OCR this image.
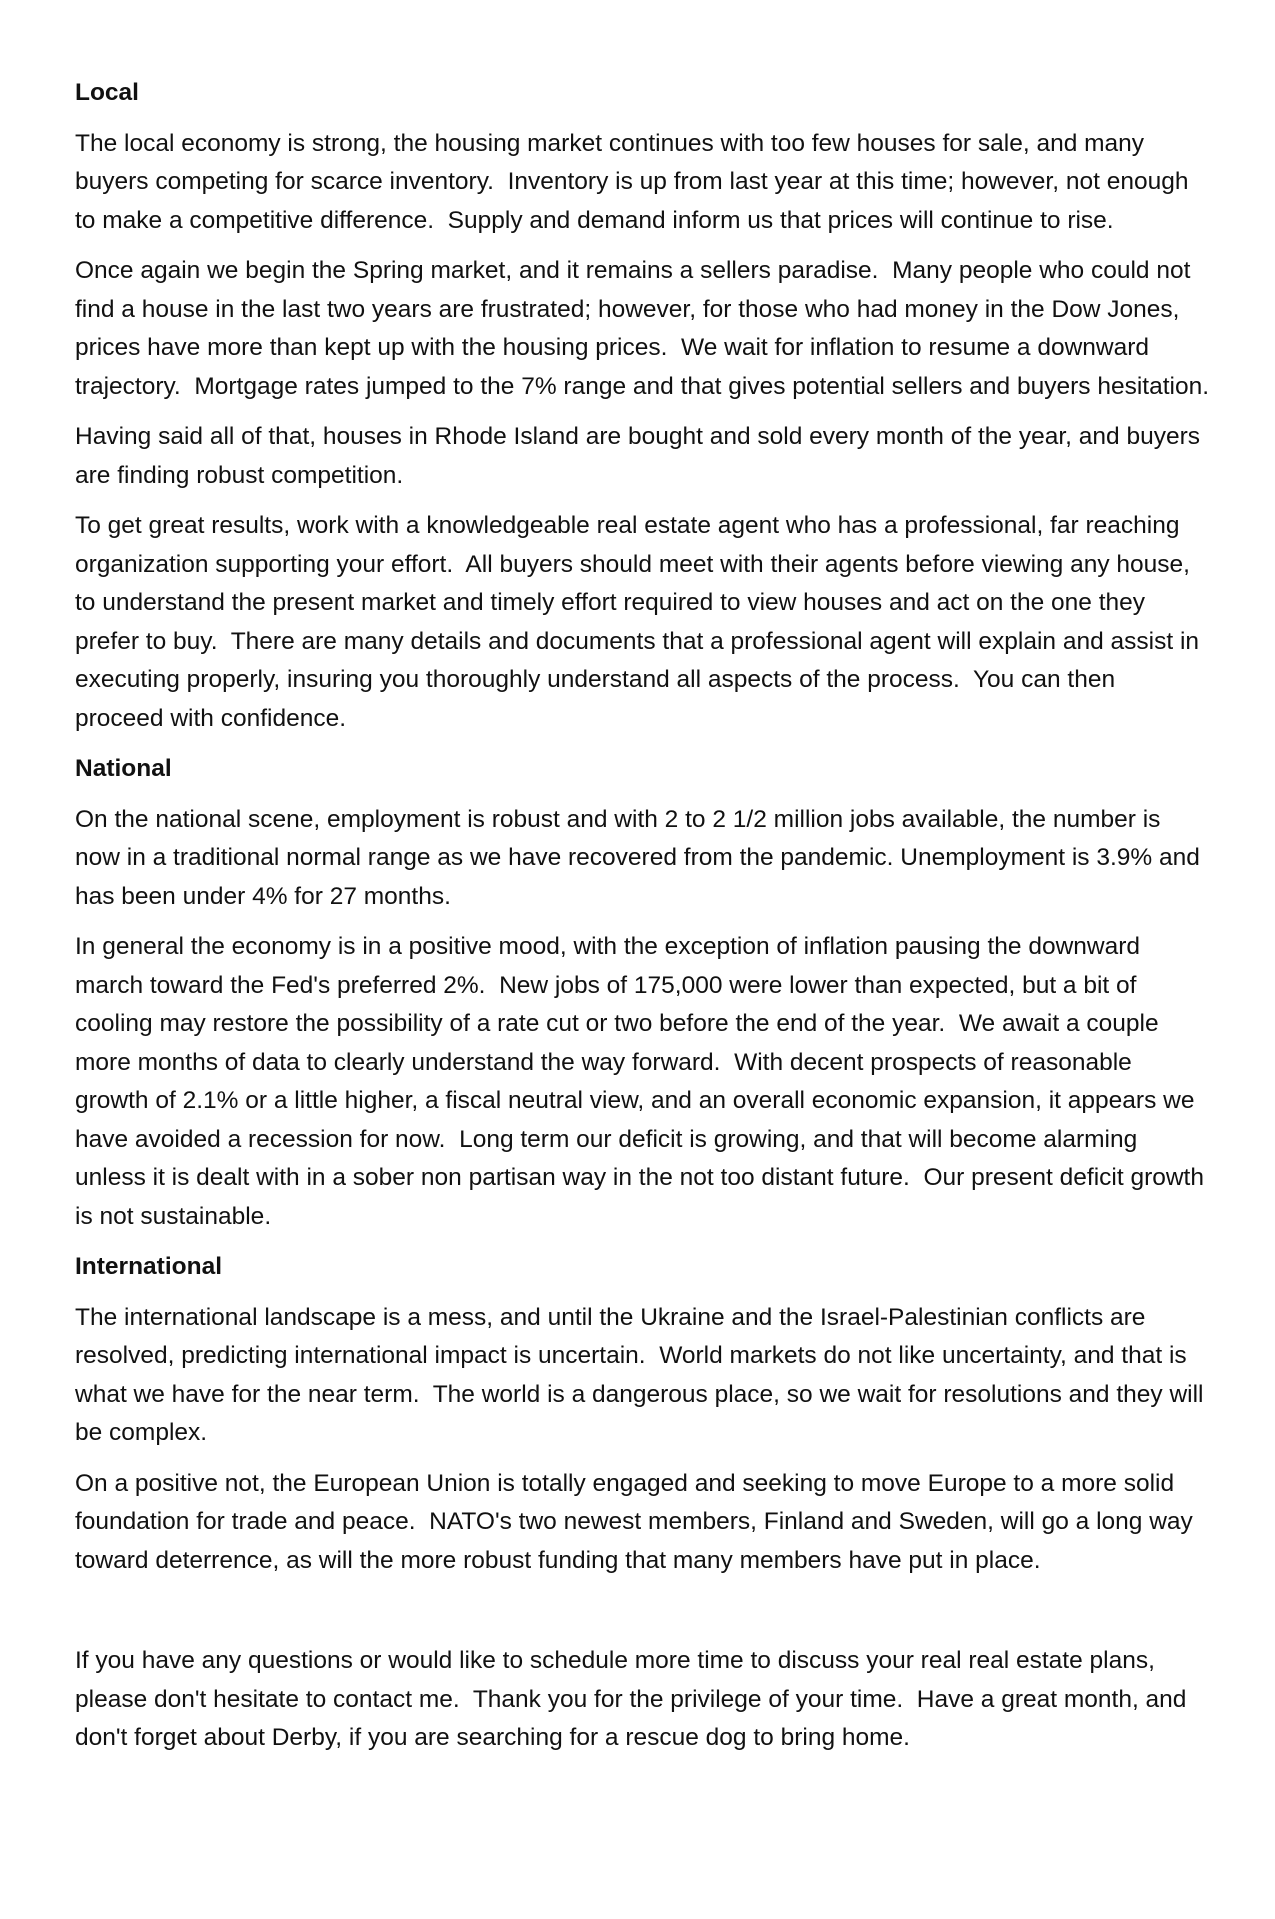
Local

The local economy is strong, the housing market continues with too few houses for sale, and many buyers competing for scarce inventory.  Inventory is up from last year at this time; however, not enough to make a competitive difference.  Supply and demand inform us that prices will continue to rise.

Once again we begin the Spring market, and it remains a sellers paradise.  Many people who could not find a house in the last two years are frustrated; however, for those who had money in the Dow Jones, prices have more than kept up with the housing prices.  We wait for inflation to resume a downward trajectory.  Mortgage rates jumped to the 7% range and that gives potential sellers and buyers hesitation.

Having said all of that, houses in Rhode Island are bought and sold every month of the year, and buyers are finding robust competition.

To get great results, work with a knowledgeable real estate agent who has a professional, far reaching organization supporting your effort.  All buyers should meet with their agents before viewing any house, to understand the present market and timely effort required to view houses and act on the one they prefer to buy.  There are many details and documents that a professional agent will explain and assist in executing properly, insuring you thoroughly understand all aspects of the process.  You can then proceed with confidence.

National

On the national scene, employment is robust and with 2 to 2 1/2 million jobs available, the number is now in a traditional normal range as we have recovered from the pandemic. Unemployment is 3.9% and has been under 4% for 27 months.

In general the economy is in a positive mood, with the exception of inflation pausing the downward march toward the Fed's preferred 2%.  New jobs of 175,000 were lower than expected, but a bit of cooling may restore the possibility of a rate cut or two before the end of the year.  We await a couple more months of data to clearly understand the way forward.  With decent prospects of reasonable growth of 2.1% or a little higher, a fiscal neutral view, and an overall economic expansion, it appears we have avoided a recession for now.  Long term our deficit is growing, and that will become alarming unless it is dealt with in a sober non partisan way in the not too distant future.  Our present deficit growth is not sustainable.

International

The international landscape is a mess, and until the Ukraine and the Israel-Palestinian conflicts are resolved, predicting international impact is uncertain.  World markets do not like uncertainty, and that is what we have for the near term.  The world is a dangerous place, so we wait for resolutions and they will be complex.

On a positive not, the European Union is totally engaged and seeking to move Europe to a more solid foundation for trade and peace.  NATO's two newest members, Finland and Sweden, will go a long way toward deterrence, as will the more robust funding that many members have put in place.

If you have any questions or would like to schedule more time to discuss your real real estate plans, please don't hesitate to contact me.  Thank you for the privilege of your time.  Have a great month, and don't forget about Derby, if you are searching for a rescue dog to bring home.
